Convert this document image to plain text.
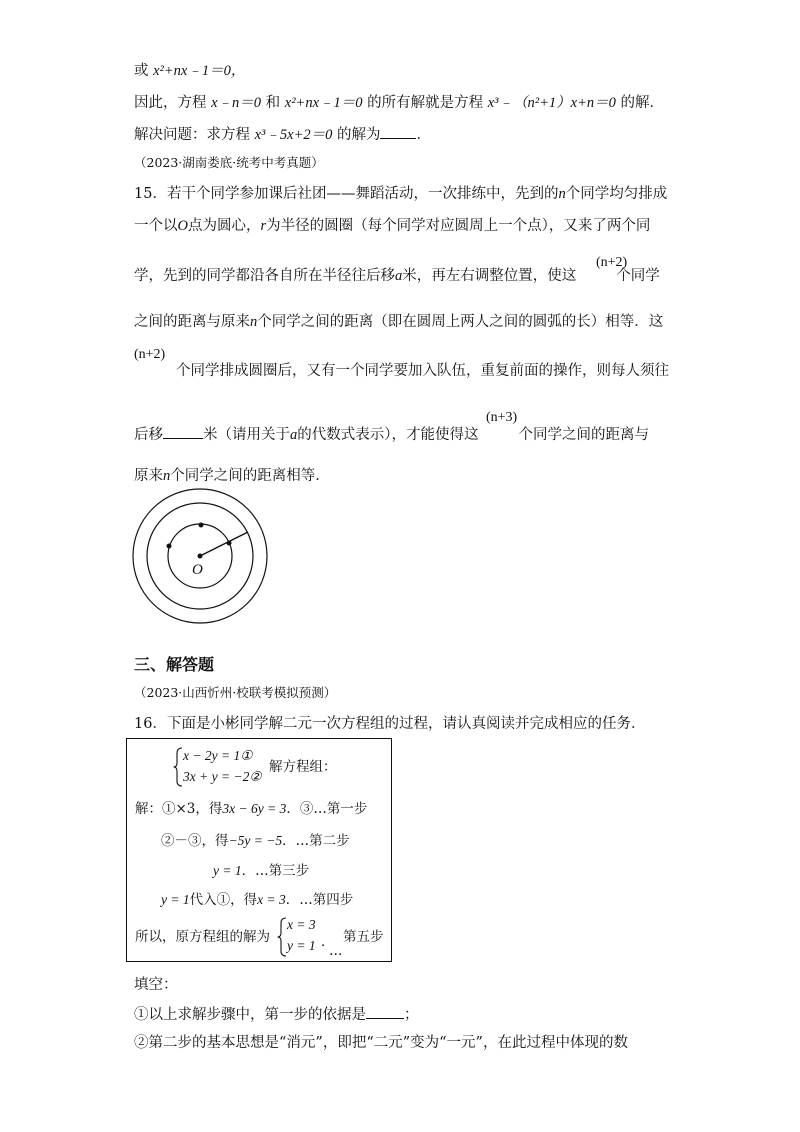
或 x²+nx﹣1＝0，
因此，方程 x﹣n＝0 和 x²+nx﹣1＝0 的所有解就是方程 x³﹣（n²+1）x+n＝0 的解．
解决问题：求方程 x³﹣5x+2＝0 的解为 ．
（2023·湖南娄底·统考中考真题）
15．若干个同学参加课后社团——舞蹈活动，一次排练中，先到的n个同学均匀排成
一个以O点为圆心，r为半径的圆圈（每个同学对应圆周上一个点），又来了两个同
(n+2)
学，先到的同学都沿各自所在半径往后移a米，再左右调整位置，使这	个同学
之间的距离与原来n个同学之间的距离（即在圆周上两人之间的圆弧的长）相等．这
(n+2)
个同学排成圆圈后，又有一个同学要加入队伍，重复前面的操作，则每人须往
(n+3)
后移	米（请用关于a的代数式表示），才能使得这	个同学之间的距离与
原来n个同学之间的距离相等．
O
三、解答题
（2023·山西忻州·校联考模拟预测）
16．下面是小彬同学解二元一次方程组的过程，请认真阅读并完成相应的任务．
x − 2y = 1①
3x + y = −2②
解方程组：
解：①×3，得3x − 6y = 3．③…第一步
②－③，得−5y = −5．…第二步
y = 1．…第三步
y = 1代入①，得x = 3．…第四步
所以，原方程组的解为
x = 3
y = 1 ．
…
第五步
填空：
①以上求解步骤中，第一步的依据是	；
②第二步的基本思想是“消元”，即把“二元”变为“一元”，在此过程中体现的数
